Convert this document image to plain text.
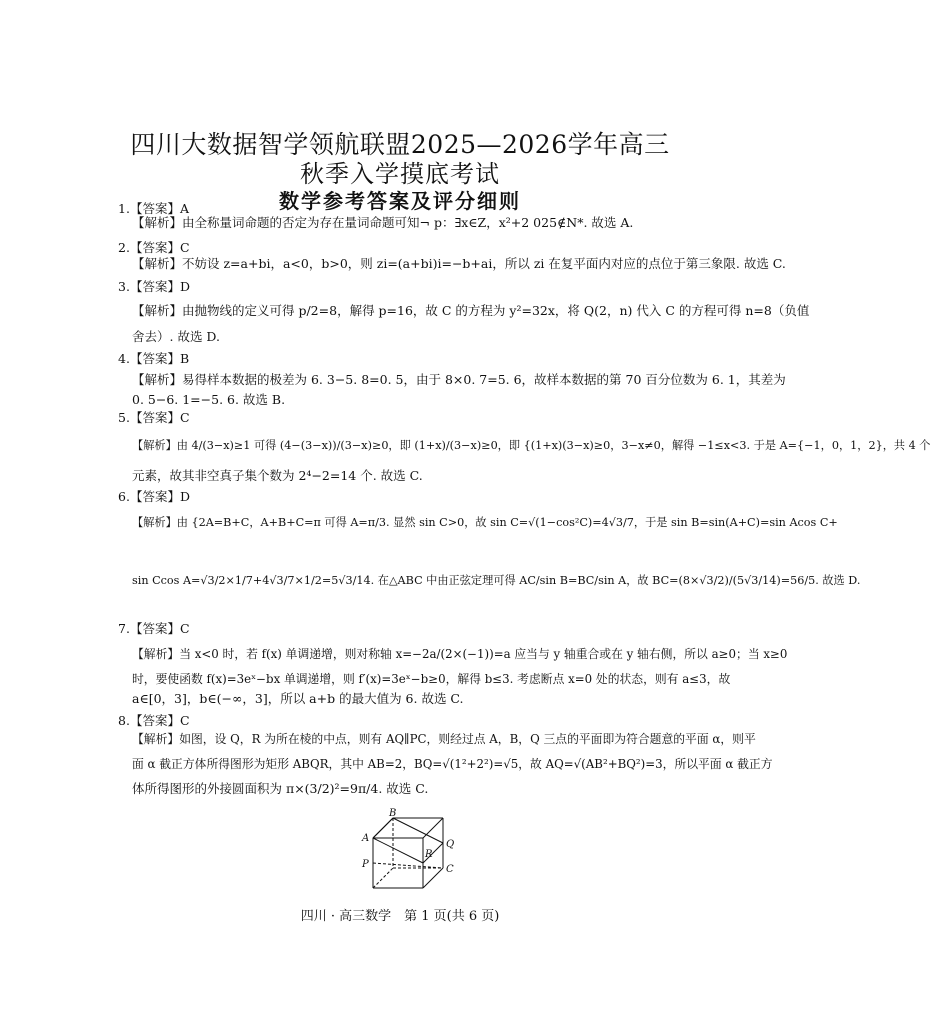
四川大数据智学领航联盟2025—2026学年高三
秋季入学摸底考试
数学参考答案及评分细则
1.【答案】A
【解析】由全称量词命题的否定为存在量词命题可知¬ p：∃x∈Z，x²+2 025∉N*. 故选 A.
2.【答案】C
【解析】不妨设 z=a+bi，a<0，b>0，则 zi=(a+bi)i=−b+ai，所以 zi 在复平面内对应的点位于第三象限. 故选 C.
3.【答案】D
【解析】由抛物线的定义可得 p/2=8，解得 p=16，故 C 的方程为 y²=32x，将 Q(2，n) 代入 C 的方程可得 n=8（负值
舍去）. 故选 D.
4.【答案】B
【解析】易得样本数据的极差为 6. 3−5. 8=0. 5，由于 8×0. 7=5. 6，故样本数据的第 70 百分位数为 6. 1，其差为
0. 5−6. 1=−5. 6. 故选 B.
5.【答案】C
【解析】由 4/(3−x)≥1 可得 (4−(3−x))/(3−x)≥0，即 (1+x)/(3−x)≥0，即 {(1+x)(3−x)≥0，3−x≠0，解得 −1≤x<3. 于是 A={−1，0，1，2}，共 4 个
元素，故其非空真子集个数为 2⁴−2=14 个. 故选 C.
6.【答案】D
【解析】由 {2A=B+C，A+B+C=π 可得 A=π/3. 显然 sin C>0，故 sin C=√(1−cos²C)=4√3/7，于是 sin B=sin(A+C)=sin Acos C+
sin Ccos A=√3/2×1/7+4√3/7×1/2=5√3/14. 在△ABC 中由正弦定理可得 AC/sin B=BC/sin A，故 BC=(8×√3/2)/(5√3/14)=56/5. 故选 D.
7.【答案】C
【解析】当 x<0 时，若 f(x) 单调递增，则对称轴 x=−2a/(2×(−1))=a 应当与 y 轴重合或在 y 轴右侧，所以 a≥0；当 x≥0
时，要使函数 f(x)=3eˣ−bx 单调递增，则 f′(x)=3eˣ−b≥0，解得 b≤3. 考虑断点 x=0 处的状态，则有 a≤3，故
a∈[0，3]，b∈(−∞，3]，所以 a+b 的最大值为 6. 故选 C.
8.【答案】C
【解析】如图，设 Q，R 为所在棱的中点，则有 AQ∥PC，则经过点 A，B，Q 三点的平面即为符合题意的平面 α，则平
面 α 截正方体所得图形为矩形 ABQR，其中 AB=2，BQ=√(1²+2²)=√5，故 AQ=√(AB²+BQ²)=3，所以平面 α 截正方
体所得图形的外接圆面积为 π×(3/2)²=9π/4. 故选 C.
B
A
Q
R
P	C
四川 · 高三数学　第 1 页(共 6 页)
